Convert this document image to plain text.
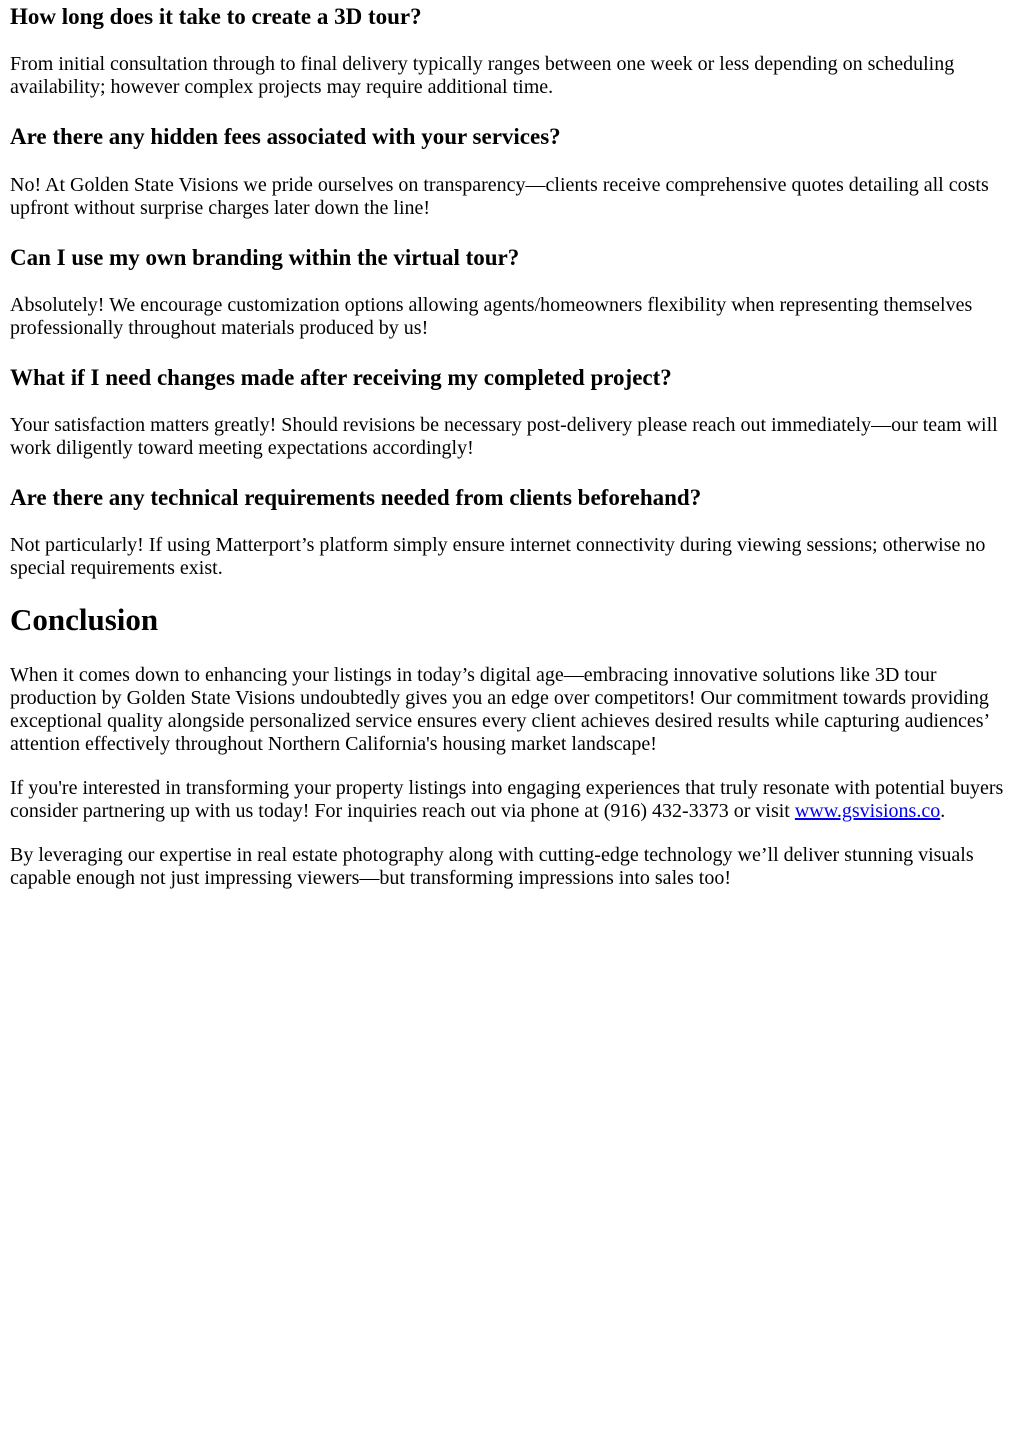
How long does it take to create a 3D tour?

From initial consultation through to final delivery typically ranges between one week or less depending on scheduling availability; however complex projects may require additional time.

Are there any hidden fees associated with your services?

No! At Golden State Visions we pride ourselves on transparency—clients receive comprehensive quotes detailing all costs upfront without surprise charges later down the line!

Can I use my own branding within the virtual tour?

Absolutely! We encourage customization options allowing agents/homeowners flexibility when representing themselves professionally throughout materials produced by us!

What if I need changes made after receiving my completed project?

Your satisfaction matters greatly! Should revisions be necessary post-delivery please reach out immediately—our team will work diligently toward meeting expectations accordingly!

Are there any technical requirements needed from clients beforehand?

Not particularly! If using Matterport’s platform simply ensure internet connectivity during viewing sessions; otherwise no special requirements exist.

Conclusion

When it comes down to enhancing your listings in today’s digital age—embracing innovative solutions like 3D tour production by Golden State Visions undoubtedly gives you an edge over competitors! Our commitment towards providing exceptional quality alongside personalized service ensures every client achieves desired results while capturing audiences’ attention effectively throughout Northern California's housing market landscape!

If you're interested in transforming your property listings into engaging experiences that truly resonate with potential buyers consider partnering up with us today! For inquiries reach out via phone at (916) 432-3373 or visit www.gsvisions.co.

By leveraging our expertise in real estate photography along with cutting-edge technology we’ll deliver stunning visuals capable enough not just impressing viewers—but transforming impressions into sales too!
